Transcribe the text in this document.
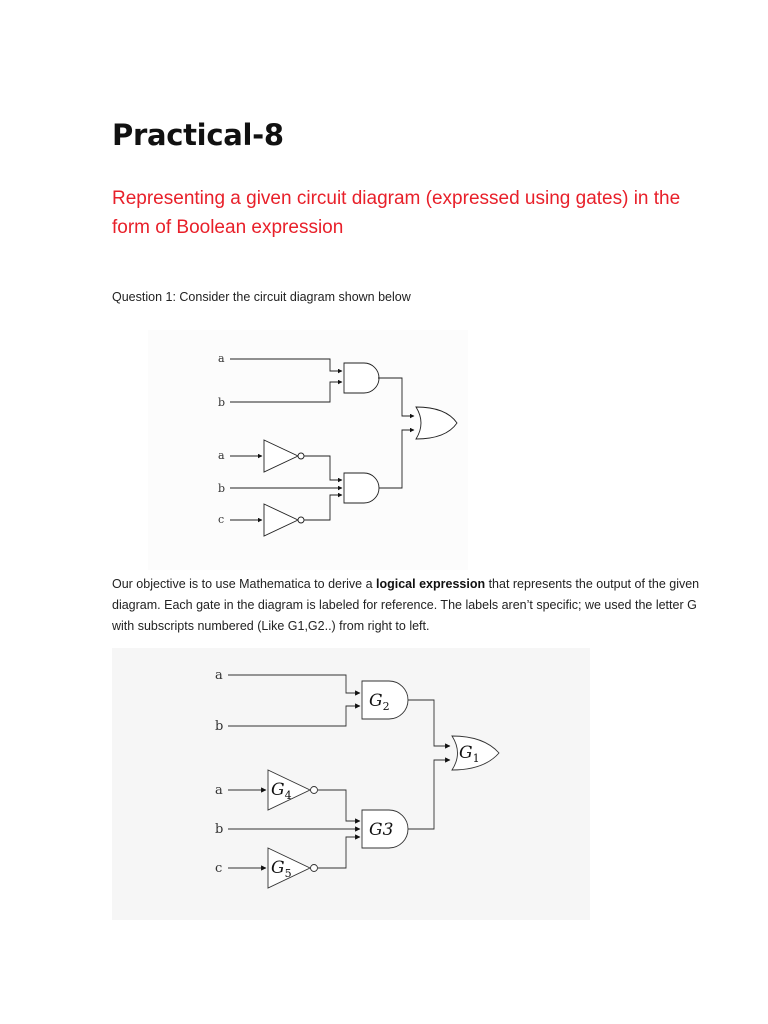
Practical-8
Representing a given circuit diagram (expressed using gates) in the form of Boolean expression
Question 1: Consider the circuit diagram shown below
a
b
a
b
c
Our objective is to use Mathematica to derive a logical expression that represents the output of the given diagram. Each gate in the diagram is labeled for reference. The labels aren’t specific; we used the letter G with subscripts numbered (Like G1,G2..) from right to left.
a
b
a
b
c
$G_2$
$G_1$
G3
$G_4$
$G_5$
